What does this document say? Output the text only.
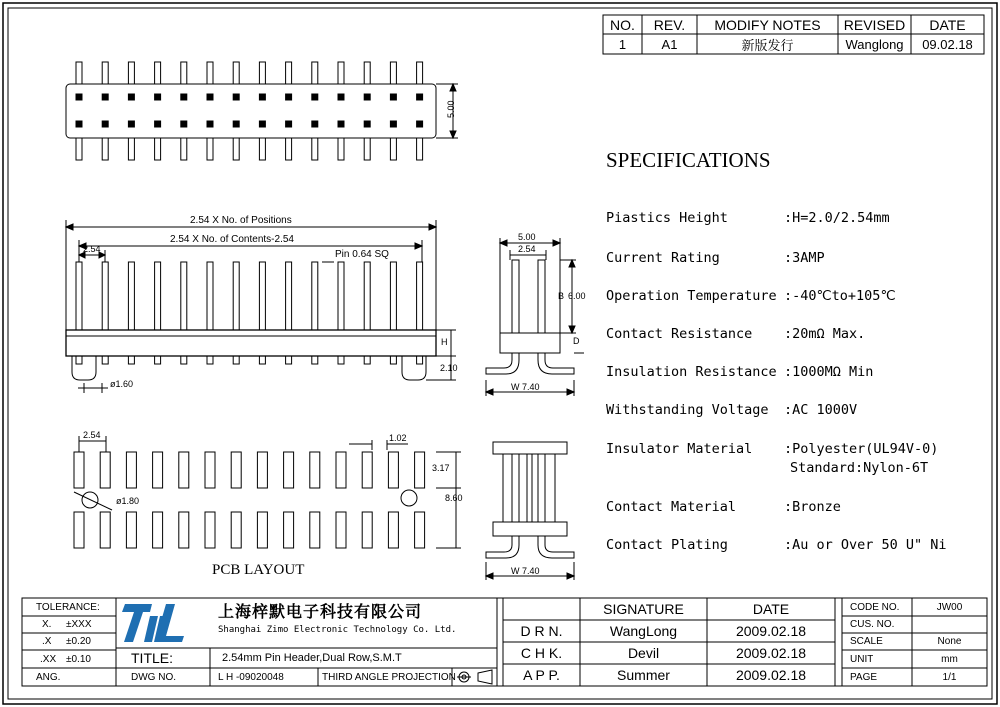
NO.	REV.	MODIFY NOTES	REVISED	DATE
1	A1	新版发行	Wanglong	09.02.18
5.00
2.54 X No. of Positions
2.54 X No. of Contents-2.54
2.54	Pin 0.64 SQ
H
2.10
ø1.60
5.00
2.54
B 6.00
D
W 7.40
2.54	1.02
3.17
ø1.80	8.60
W 7.40
PCB LAYOUT
SPECIFICATIONS
Piastics Height	:H=2.0/2.54mm
Current Rating	:3AMP
Operation Temperature :-40℃to+105℃
Contact Resistance :20mΩ Max.
Insulation Resistance :1000MΩ Min
Withstanding Voltage :AC 1000V
Insulator Material :Polyester(UL94V-0)
Standard:Nylon-6T
Contact Material	:Bronze
Contact Plating	:Au or Over 50 U" Ni
TOLERANCE:
X. ±XXX
.X ±0.20
.XX ±0.10
ANG.
上海梓默电子科技有限公司
Shanghai Zimo Electronic Technology Co. Ltd.
TITLE:	2.54mm Pin Header,Dual Row,S.M.T
DWG NO.	L H -09020048	THIRD ANGLE PROJECTION
SIGNATURE	DATE
D R N.	WangLong	2009.02.18
C H K.	Devil	2009.02.18
A P P.	Summer	2009.02.18
CODE NO.	JW00
CUS. NO.
SCALE	None
UNIT	mm
PAGE	1/1
